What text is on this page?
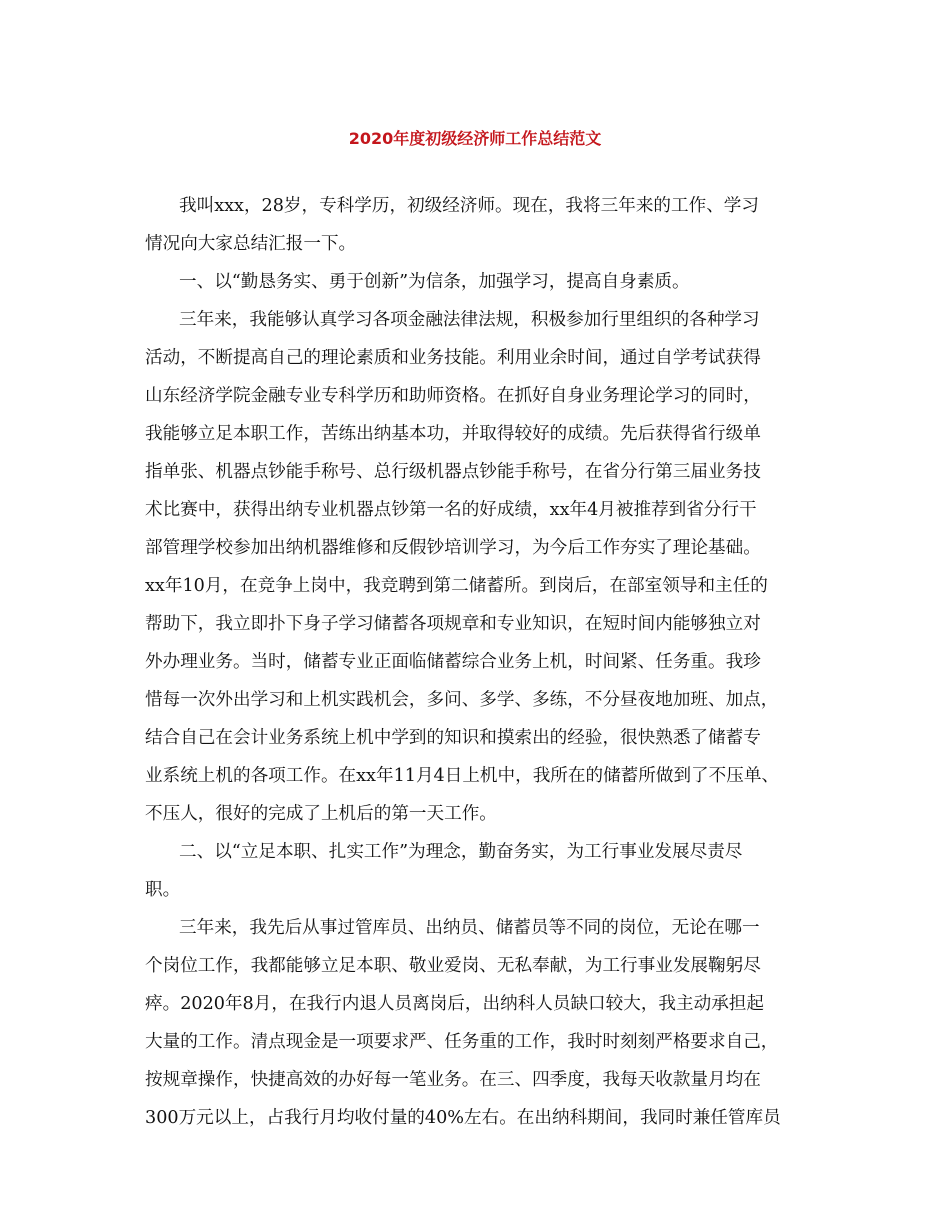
2020年度初级经济师工作总结范文
我叫xxx，28岁，专科学历，初级经济师。现在，我将三年来的工作、学习
情况向大家总结汇报一下。
一、以“勤恳务实、勇于创新”为信条，加强学习，提高自身素质。
三年来，我能够认真学习各项金融法律法规，积极参加行里组织的各种学习
活动，不断提高自己的理论素质和业务技能。利用业余时间，通过自学考试获得
山东经济学院金融专业专科学历和助师资格。在抓好自身业务理论学习的同时，
我能够立足本职工作，苦练出纳基本功，并取得较好的成绩。先后获得省行级单
指单张、机器点钞能手称号、总行级机器点钞能手称号，在省分行第三届业务技
术比赛中，获得出纳专业机器点钞第一名的好成绩，xx年4月被推荐到省分行干
部管理学校参加出纳机器维修和反假钞培训学习，为今后工作夯实了理论基础。
xx年10月，在竞争上岗中，我竞聘到第二储蓄所。到岗后，在部室领导和主任的
帮助下，我立即扑下身子学习储蓄各项规章和专业知识，在短时间内能够独立对
外办理业务。当时，储蓄专业正面临储蓄综合业务上机，时间紧、任务重。我珍
惜每一次外出学习和上机实践机会，多问、多学、多练，不分昼夜地加班、加点，
结合自己在会计业务系统上机中学到的知识和摸索出的经验，很快熟悉了储蓄专
业系统上机的各项工作。在xx年11月4日上机中，我所在的储蓄所做到了不压单、
不压人，很好的完成了上机后的第一天工作。
二、以“立足本职、扎实工作”为理念，勤奋务实，为工行事业发展尽责尽
职。
三年来，我先后从事过管库员、出纳员、储蓄员等不同的岗位，无论在哪一
个岗位工作，我都能够立足本职、敬业爱岗、无私奉献，为工行事业发展鞠躬尽
瘁。2020年8月，在我行内退人员离岗后，出纳科人员缺口较大，我主动承担起
大量的工作。清点现金是一项要求严、任务重的工作，我时时刻刻严格要求自己，
按规章操作，快捷高效的办好每一笔业务。在三、四季度，我每天收款量月均在
300万元以上，占我行月均收付量的40%左右。在出纳科期间，我同时兼任管库员
